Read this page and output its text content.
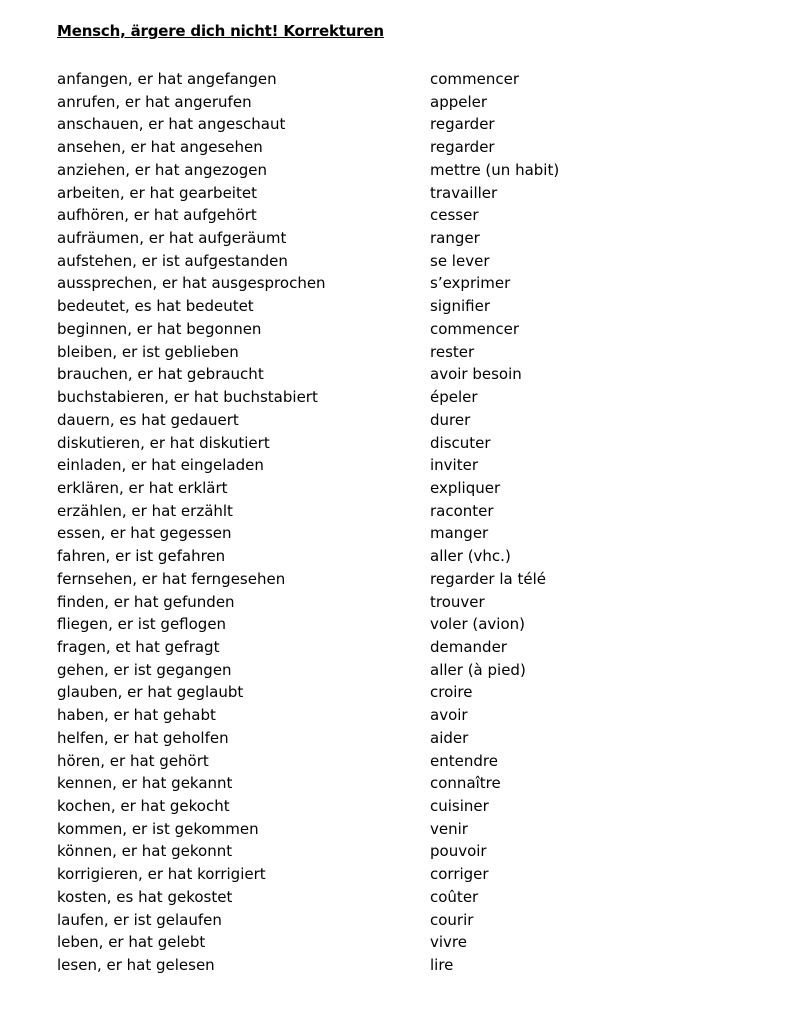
Mensch, ärgere dich nicht! Korrekturen
anfangen, er hat angefangen	commencer
anrufen, er hat angerufen	appeler
anschauen, er hat angeschaut	regarder
ansehen, er hat angesehen	regarder
anziehen, er hat angezogen	mettre (un habit)
arbeiten, er hat gearbeitet	travailler
aufhören, er hat aufgehört	cesser
aufräumen, er hat aufgeräumt	ranger
aufstehen, er ist aufgestanden	se lever
aussprechen, er hat ausgesprochen	s’exprimer
bedeutet, es hat bedeutet	signifier
beginnen, er hat begonnen	commencer
bleiben, er ist geblieben	rester
brauchen, er hat gebraucht	avoir besoin
buchstabieren, er hat buchstabiert	épeler
dauern, es hat gedauert	durer
diskutieren, er hat diskutiert	discuter
einladen, er hat eingeladen	inviter
erklären, er hat erklärt	expliquer
erzählen, er hat erzählt	raconter
essen, er hat gegessen	manger
fahren, er ist gefahren	aller (vhc.)
fernsehen, er hat ferngesehen	regarder la télé
finden, er hat gefunden	trouver
fliegen, er ist geflogen	voler (avion)
fragen, et hat gefragt	demander
gehen, er ist gegangen	aller (à pied)
glauben, er hat geglaubt	croire
haben, er hat gehabt	avoir
helfen, er hat geholfen	aider
hören, er hat gehört	entendre
kennen, er hat gekannt	connaître
kochen, er hat gekocht	cuisiner
kommen, er ist gekommen	venir
können, er hat gekonnt	pouvoir
korrigieren, er hat korrigiert	corriger
kosten, es hat gekostet	coûter
laufen, er ist gelaufen	courir
leben, er hat gelebt	vivre
lesen, er hat gelesen	lire
